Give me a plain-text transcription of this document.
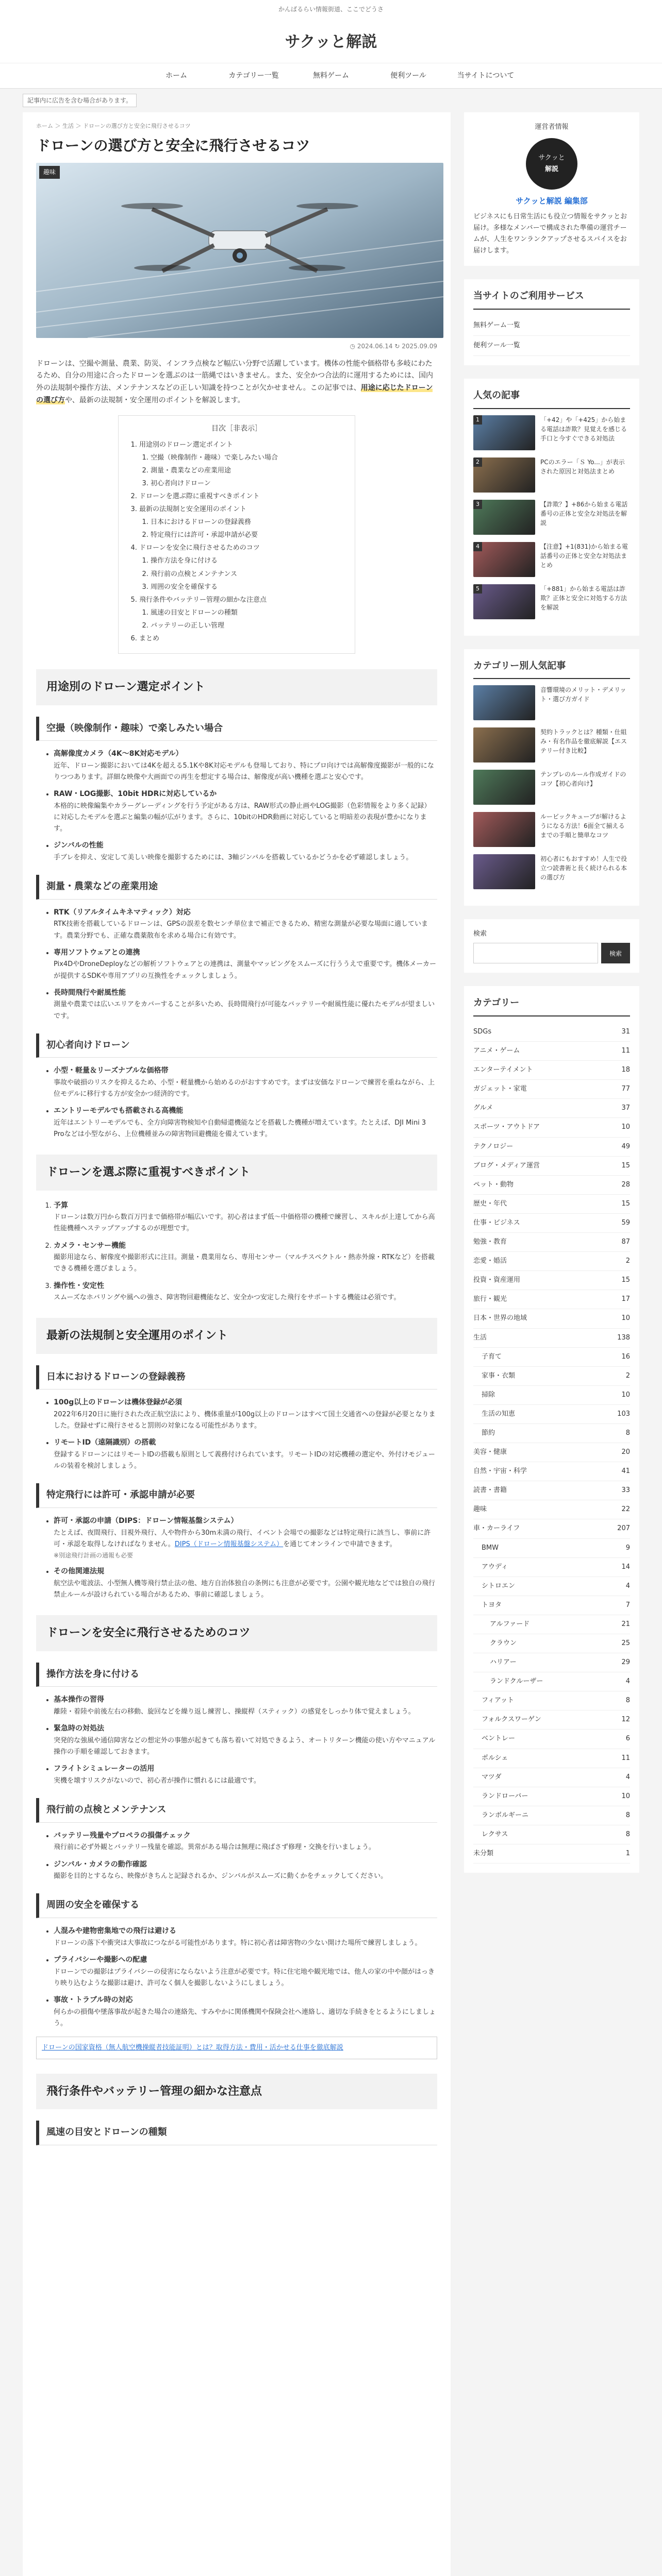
かんばるらい情報街道、ここでどうさ
サクッと解説
ホーム	カテゴリー一覧	無料ゲーム	便利ツール	当サイトについて
記事内に広告を含む場合があります。
ホーム ＞ 生活 ＞ ドローンの選び方と安全に飛行させるコツ
ドローンの選び方と安全に飛行させるコツ
趣味
◷ 2024.06.14 ↻ 2025.09.09

ドローンは、空撮や測量、農業、防災、インフラ点検など幅広い分野で活躍しています。機体の性能や価格帯も多岐にわたるため、自分の用途に合ったドローンを選ぶのは一筋縄ではいきません。また、安全かつ合法的に運用するためには、国内外の法規制や操作方法、メンテナンスなどの正しい知識を持つことが欠かせません。この記事では、用途に応じたドローンの選び方や、最新の法規制・安全運用のポイントを解説します。

目次［非表示］
1. 用途別のドローン選定ポイント
1. 空撮（映像制作・趣味）で楽しみたい場合
2. 測量・農業などの産業用途
3. 初心者向けドローン
2. ドローンを選ぶ際に重視すべきポイント
3. 最新の法規制と安全運用のポイント
1. 日本におけるドローンの登録義務
2. 特定飛行には許可・承認申請が必要
4. ドローンを安全に飛行させるためのコツ
1. 操作方法を身に付ける
2. 飛行前の点検とメンテナンス
3. 周囲の安全を確保する
5. 飛行条件やバッテリー管理の細かな注意点
1. 風速の目安とドローンの種類
2. バッテリーの正しい管理
6. まとめ
用途別のドローン選定ポイント
空撮（映像制作・趣味）で楽しみたい場合
• 高解像度カメラ（4K〜8K対応モデル）
近年、ドローン撮影においては4Kを超える5.1Kや8K対応モデルも登場しており、特にプロ向けでは高解像度撮影が一般的になりつつあります。詳細な映像や大画面での再生を想定する場合は、解像度が高い機種を選ぶと安心です。
• RAW・LOG撮影、10bit HDRに対応しているか
本格的に映像編集やカラーグレーディングを行う予定がある方は、RAW形式の静止画やLOG撮影（色彩情報をより多く記録）に対応したモデルを選ぶと編集の幅が広がります。さらに、10bitのHDR動画に対応していると明暗差の表現が豊かになります。
• ジンバルの性能
手ブレを抑え、安定して美しい映像を撮影するためには、3軸ジンバルを搭載しているかどうかを必ず確認しましょう。
測量・農業などの産業用途
• RTK（リアルタイムキネマティック）対応
RTK技術を搭載しているドローンは、GPSの誤差を数センチ単位まで補正できるため、精密な測量が必要な場面に適しています。農業分野でも、正確な農薬散布を求める場合に有効です。
• 専用ソフトウェアとの連携
Pix4DやDroneDeployなどの解析ソフトウェアとの連携は、測量やマッピングをスムーズに行ううえで重要です。機体メーカーが提供するSDKや専用アプリの互換性をチェックしましょう。
• 長時間飛行や耐風性能
測量や農業では広いエリアをカバーすることが多いため、長時間飛行が可能なバッテリーや耐風性能に優れたモデルが望ましいです。
初心者向けドローン
• 小型・軽量＆リーズナブルな価格帯
事故や破損のリスクを抑えるため、小型・軽量機から始めるのがおすすめです。まずは安価なドローンで練習を重ねながら、上位モデルに移行する方が安全かつ経済的です。
• エントリーモデルでも搭載される高機能
近年はエントリーモデルでも、全方向障害物検知や自動帰還機能などを搭載した機種が増えています。たとえば、DJI Mini 3 Proなどは小型ながら、上位機種並みの障害物回避機能を備えています。
ドローンを選ぶ際に重視すべきポイント
1. 予算
ドローンは数万円から数百万円まで価格帯が幅広いです。初心者はまず低〜中価格帯の機種で練習し、スキルが上達してから高性能機種へステップアップするのが理想です。
2. カメラ・センサー機能
撮影用途なら、解像度や撮影形式に注目。測量・農業用なら、専用センサー（マルチスペクトル・熱赤外線・RTKなど）を搭載できる機種を選びましょう。
3. 操作性・安定性
スムーズなホバリングや風への強さ、障害物回避機能など、安全かつ安定した飛行をサポートする機能は必須です。
最新の法規制と安全運用のポイント
日本におけるドローンの登録義務
• 100g以上のドローンは機体登録が必須
2022年6月20日に施行された改正航空法により、機体重量が100g以上のドローンはすべて国土交通省への登録が必要となりました。登録せずに飛行させると罰則の対象になる可能性があります。
• リモートID（遠隔識別）の搭載
登録するドローンにはリモートIDの搭載も原則として義務付けられています。リモートIDの対応機種の選定や、外付けモジュールの装着を検討しましょう。
特定飛行には許可・承認申請が必要
• 許可・承認の申請（DIPS：ドローン情報基盤システム）
たとえば、夜間飛行、目視外飛行、人や物件から30m未満の飛行、イベント会場での撮影などは特定飛行に該当し、事前に許可・承認を取得しなければなりません。DIPS（ドローン情報基盤システム）を通じてオンラインで申請できます。
※別途飛行計画の通報も必要
• その他関連法規
航空法や電波法、小型無人機等飛行禁止法の他、地方自治体独自の条例にも注意が必要です。公園や観光地などでは独自の飛行禁止ルールが設けられている場合があるため、事前に確認しましょう。
ドローンを安全に飛行させるためのコツ
操作方法を身に付ける
• 基本操作の習得
離陸・着陸や前後左右の移動、旋回などを繰り返し練習し、操縦桿（スティック）の感覚をしっかり体で覚えましょう。
• 緊急時の対処法
突発的な強風や通信障害などの想定外の事態が起きても落ち着いて対処できるよう、オートリターン機能の使い方やマニュアル操作の手順を確認しておきます。
• フライトシミュレーターの活用
実機を壊すリスクがないので、初心者が操作に慣れるには最適です。
飛行前の点検とメンテナンス
• バッテリー残量やプロペラの損傷チェック
飛行前に必ず外観とバッテリー残量を確認。異常がある場合は無理に飛ばさず修理・交換を行いましょう。
• ジンバル・カメラの動作確認
撮影を目的とするなら、映像がきちんと記録されるか、ジンバルがスムーズに動くかをチェックしてください。
周囲の安全を確保する
• 人混みや建物密集地での飛行は避ける
ドローンの落下や衝突は大事故につながる可能性があります。特に初心者は障害物の少ない開けた場所で練習しましょう。
• プライバシーや撮影への配慮
ドローンでの撮影はプライバシーの侵害にならないよう注意が必要です。特に住宅地や観光地では、他人の家の中や顔がはっきり映り込むような撮影は避け、許可なく個人を撮影しないようにしましょう。
• 事故・トラブル時の対応
何らかの損傷や墜落事故が起きた場合の連絡先、すみやかに関係機関や保険会社へ連絡し、適切な手続きをとるようにしましょう。
ドローンの国家資格（無人航空機操縦者技能証明）とは？取得方法・費用・活かせる仕事を徹底解説
飛行条件やバッテリー管理の細かな注意点
風速の目安とドローンの種類
運営者情報
サクッと
解説
サクッと解説 編集部

ビジネスにも日常生活にも役立つ情報をサクッとお届け。多様なメンバーで構成された準備の運営チームが、人生をワンランクアップさせるスパイスをお届けします。

当サイトのご利用サービス
無料ゲーム一覧
便利ツール一覧
人気の記事
1	「+42」や「+425」から始まる電話は詐欺？見覚えを感じる手口と今すぐできる対処法
2	PCのエラー「Ｓ Yo...」が表示された原因と対処法まとめ
3	【詐欺？】+86から始まる電話番号の正体と安全な対処法を解説
4	【注意】+1(831)から始まる電話番号の正体と安全な対処法まとめ
5	「+881」から始まる電話は詐欺？正体と安全に対処する方法を解説
カテゴリー別人気記事
音響環境のメリット・デメリット・選び方ガイド
契約トラックとは？種類・仕組み・有名作品を徹底解説【エステリー付き比較】
テンプレのルール作成ガイドのコツ【初心者向け】
ルービックキューブが解けるようになる方法！6面全て揃えるまでの手順と簡単なコツ
初心者にもおすすめ！人生で役立つ読書術と長く続けられる本の選び方
検索
検索
カテゴリー
SDGs	31
アニメ・ゲーム	11
エンターテイメント	18
ガジェット・家電	77
グルメ	37
スポーツ・アウトドア	10
テクノロジー	49
ブログ・メディア運営	15
ペット・動物	28
歴史・年代	15
仕事・ビジネス	59
勉強・教育	87
恋愛・婚活	2
投資・資産運用	15
旅行・観光	17
日本・世界の地域	10
生活	138
子育て	16
家事・衣類	2
掃除	10
生活の知恵	103
節約	8
美容・健康	20
自然・宇宙・科学	41
読書・書籍	33
趣味	22
車・カーライフ	207
BMW	9
アウディ	14
シトロエン	4
トヨタ	7
アルファード	21
クラウン	25
ハリアー	29
ランドクルーザー	4
フィアット	8
フォルクスワーゲン	12
ベントレー	6
ポルシェ	11
マツダ	4
ランドローバー	10
ランボルギーニ	8
レクサス	8
未分類	1
